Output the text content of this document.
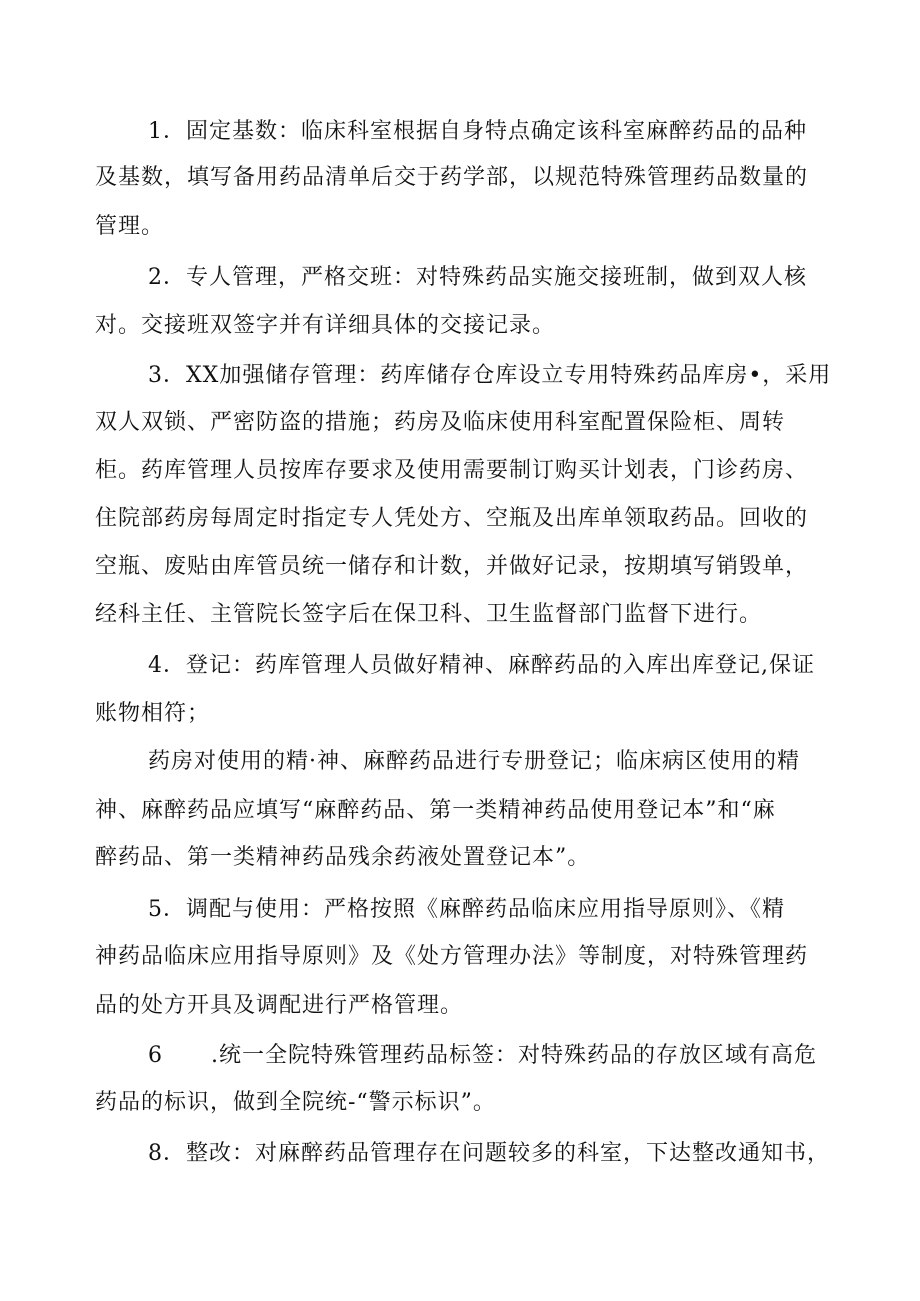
1．固定基数：临床科室根据自身特点确定该科室麻醉药品的品种
及基数，填写备用药品清单后交于药学部，以规范特殊管理药品数量的
管理。
2．专人管理，严格交班：对特殊药品实施交接班制，做到双人核
对。交接班双签字并有详细具体的交接记录。
3．XX加强储存管理：药库储存仓库设立专用特殊药品库房•，采用
双人双锁、严密防盗的措施；药房及临床使用科室配置保险柜、周转
柜。药库管理人员按库存要求及使用需要制订购买计划表，门诊药房、
住院部药房每周定时指定专人凭处方、空瓶及出库单领取药品。回收的
空瓶、废贴由库管员统一储存和计数，并做好记录，按期填写销毁单，
经科主任、主管院长签字后在保卫科、卫生监督部门监督下进行。
4．登记：药库管理人员做好精神、麻醉药品的入库出库登记,保证
账物相符；
药房对使用的精·神、麻醉药品进行专册登记；临床病区使用的精
神、麻醉药品应填写“麻醉药品、第一类精神药品使用登记本”和“麻
醉药品、第一类精神药品残余药液处置登记本”。
5．调配与使用：严格按照《麻醉药品临床应用指导原则》、《精
神药品临床应用指导原则》及《处方管理办法》等制度，对特殊管理药
品的处方开具及调配进行严格管理。
6      .统一全院特殊管理药品标签：对特殊药品的存放区域有高危
药品的标识，做到全院统-“警示标识”。
8．整改：对麻醉药品管理存在问题较多的科室，下达整改通知书，
